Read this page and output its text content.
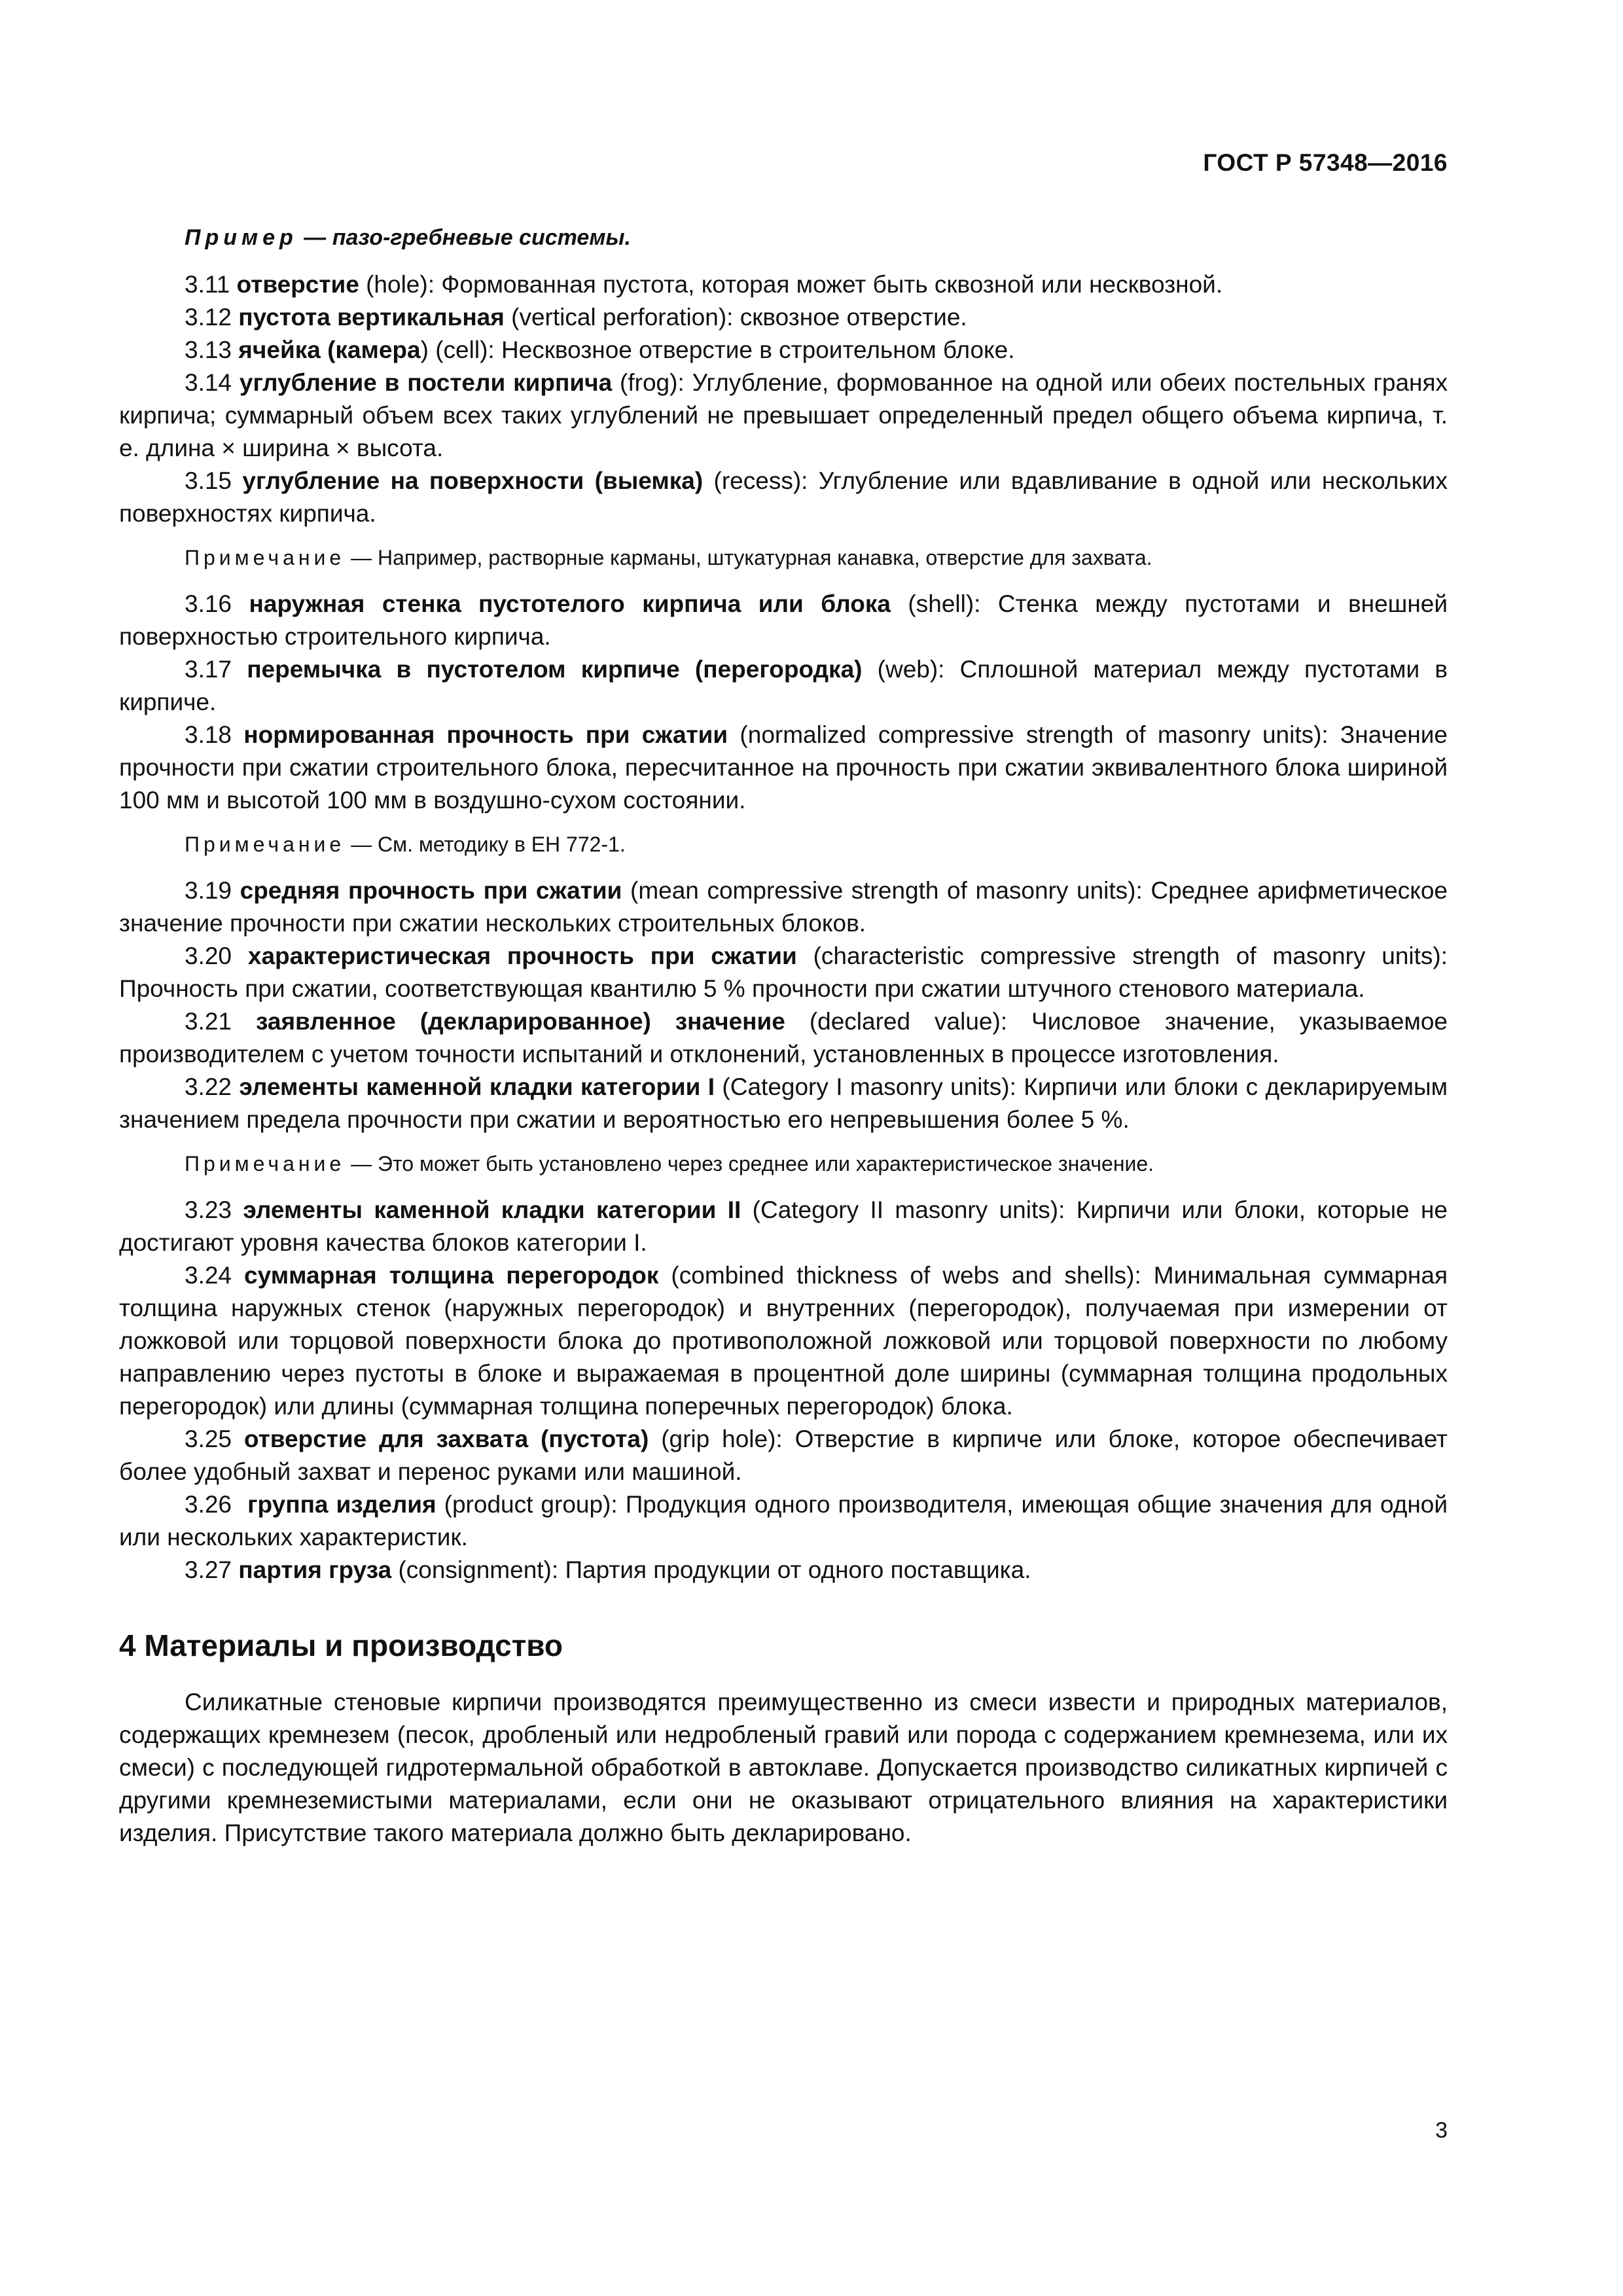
ГОСТ Р 57348—2016

Пример — пазо-гребневые системы.

3.11 отверстие (hole): Формованная пустота, которая может быть сквозной или несквозной.

3.12 пустота вертикальная (vertical perforation): сквозное отверстие.

3.13 ячейка (камера) (cell): Несквозное отверстие в строительном блоке.

3.14 углубление в постели кирпича (frog): Углубление, формованное на одной или обеих постельных гранях кирпича; суммарный объем всех таких углублений не превышает определенный предел общего объема кирпича, т. е. длина × ширина × высота.

3.15 углубление на поверхности (выемка) (recess): Углубление или вдавливание в одной или нескольких поверхностях кирпича.

Примечание — Например, растворные карманы, штукатурная канавка, отверстие для захвата.

3.16 наружная стенка пустотелого кирпича или блока (shell): Стенка между пустотами и внешней поверхностью строительного кирпича.

3.17 перемычка в пустотелом кирпиче (перегородка) (web): Сплошной материал между пустотами в кирпиче.

3.18 нормированная прочность при сжатии (normalized compressive strength of masonry units): Значение прочности при сжатии строительного блока, пересчитанное на прочность при сжатии эквивалентного блока шириной 100 мм и высотой 100 мм в воздушно-сухом состоянии.

Примечание — См. методику в ЕН 772-1.

3.19 средняя прочность при сжатии (mean compressive strength of masonry units): Среднее арифметическое значение прочности при сжатии нескольких строительных блоков.

3.20 характеристическая прочность при сжатии (characteristic compressive strength of masonry units): Прочность при сжатии, соответствующая квантилю 5 % прочности при сжатии штучного стенового материала.

3.21 заявленное (декларированное) значение (declared value): Числовое значение, указываемое производителем с учетом точности испытаний и отклонений, установленных в процессе изготовления.

3.22 элементы каменной кладки категории I (Category I masonry units): Кирпичи или блоки с декларируемым значением предела прочности при сжатии и вероятностью его непревышения более 5 %.

Примечание — Это может быть установлено через среднее или характеристическое значение.

3.23 элементы каменной кладки категории II (Category II masonry units): Кирпичи или блоки, которые не достигают уровня качества блоков категории I.

3.24 суммарная толщина перегородок (combined thickness of webs and shells): Минимальная суммарная толщина наружных стенок (наружных перегородок) и внутренних (перегородок), получаемая при измерении от ложковой или торцовой поверхности блока до противоположной ложковой или торцовой поверхности по любому направлению через пустоты в блоке и выражаемая в процентной доле ширины (суммарная толщина продольных перегородок) или длины (суммарная толщина поперечных перегородок) блока.

3.25 отверстие для захвата (пустота) (grip hole): Отверстие в кирпиче или блоке, которое обеспечивает более удобный захват и перенос руками или машиной.

3.26  группа изделия (product group): Продукция одного производителя, имеющая общие значения для одной или нескольких характеристик.

3.27 партия груза (consignment): Партия продукции от одного поставщика.

4 Материалы и производство

Силикатные стеновые кирпичи производятся преимущественно из смеси извести и природных материалов, содержащих кремнезем (песок, дробленый или недробленый гравий или порода с содержанием кремнезема, или их смеси) с последующей гидротермальной обработкой в автоклаве. Допускается производство силикатных кирпичей с другими кремнеземистыми материалами, если они не оказывают отрицательного влияния на характеристики изделия. Присутствие такого материала должно быть декларировано.

3
